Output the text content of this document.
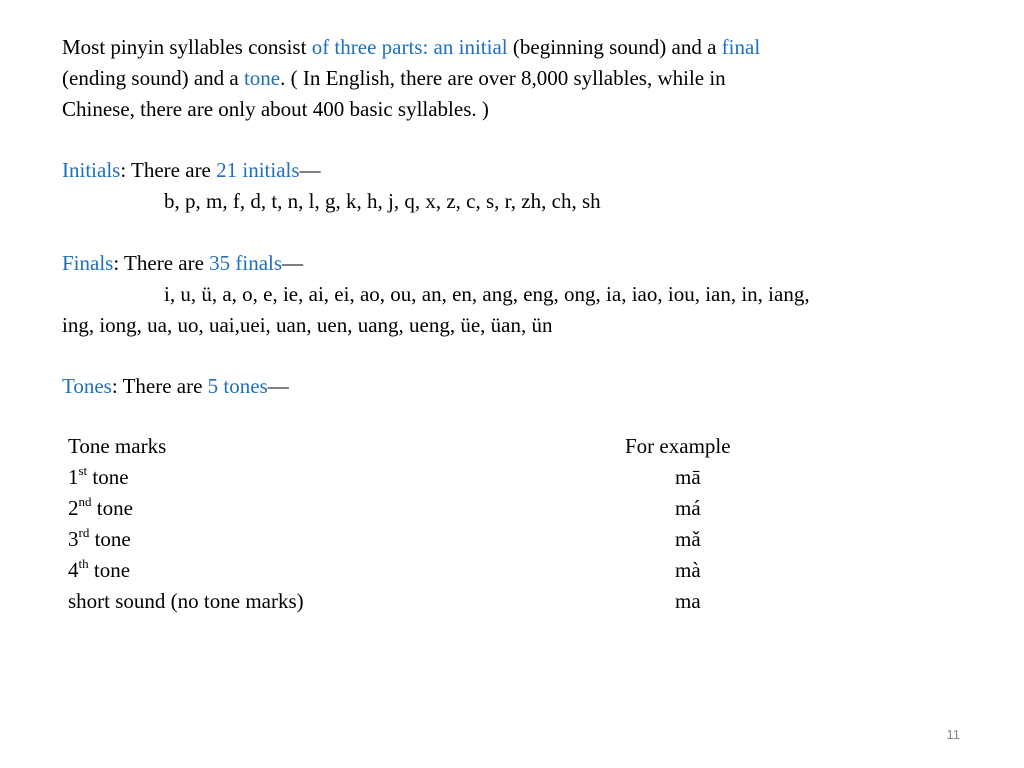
Most pinyin syllables consist of three parts: an initial (beginning sound) and a final

(ending sound) and a tone. ( In English, there are over 8,000 syllables, while in

Chinese, there are only about 400 basic syllables. )

Initials: There are 21 initials—

b, p, m, f, d, t, n, l, g, k, h, j, q, x, z, c, s, r, zh, ch, sh

Finals: There are 35 finals—

i, u, ü, a, o, e, ie, ai, ei, ao, ou, an, en, ang, eng, ong, ia, iao, iou, ian, in, iang,

ing, iong, ua, uo, uai,uei, uan, uen, uang, ueng, üe, üan, ün

Tones: There are 5 tones—

Tone marks	For example

1st tone	mā

2nd tone	má

3rd tone	mǎ

4th tone	mà

short sound (no tone marks)	ma

11
